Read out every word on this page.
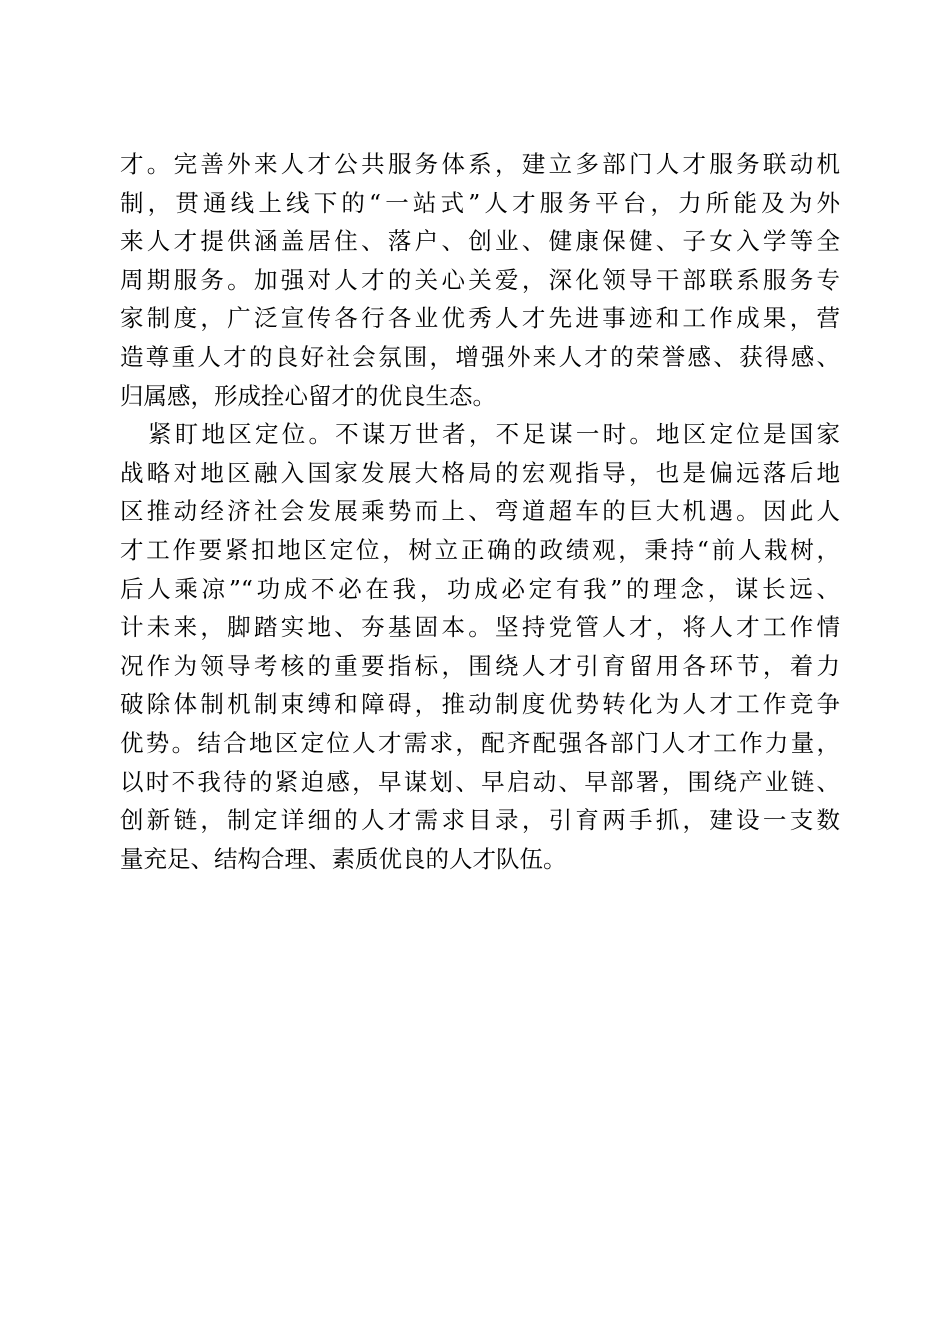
才。完善外来人才公共服务体系，建立多部门人才服务联动机
制，贯通线上线下的“一站式”人才服务平台，力所能及为外
来人才提供涵盖居住、落户、创业、健康保健、子女入学等全
周期服务。加强对人才的关心关爱，深化领导干部联系服务专
家制度，广泛宣传各行各业优秀人才先进事迹和工作成果，营
造尊重人才的良好社会氛围，增强外来人才的荣誉感、获得感、
归属感，形成拴心留才的优良生态。
紧盯地区定位。不谋万世者，不足谋一时。地区定位是国家
战略对地区融入国家发展大格局的宏观指导，也是偏远落后地
区推动经济社会发展乘势而上、弯道超车的巨大机遇。因此人
才工作要紧扣地区定位，树立正确的政绩观，秉持“前人栽树，
后人乘凉”“功成不必在我，功成必定有我”的理念，谋长远、
计未来，脚踏实地、夯基固本。坚持党管人才，将人才工作情
况作为领导考核的重要指标，围绕人才引育留用各环节，着力
破除体制机制束缚和障碍，推动制度优势转化为人才工作竞争
优势。结合地区定位人才需求，配齐配强各部门人才工作力量，
以时不我待的紧迫感，早谋划、早启动、早部署，围绕产业链、
创新链，制定详细的人才需求目录，引育两手抓，建设一支数
量充足、结构合理、素质优良的人才队伍。
